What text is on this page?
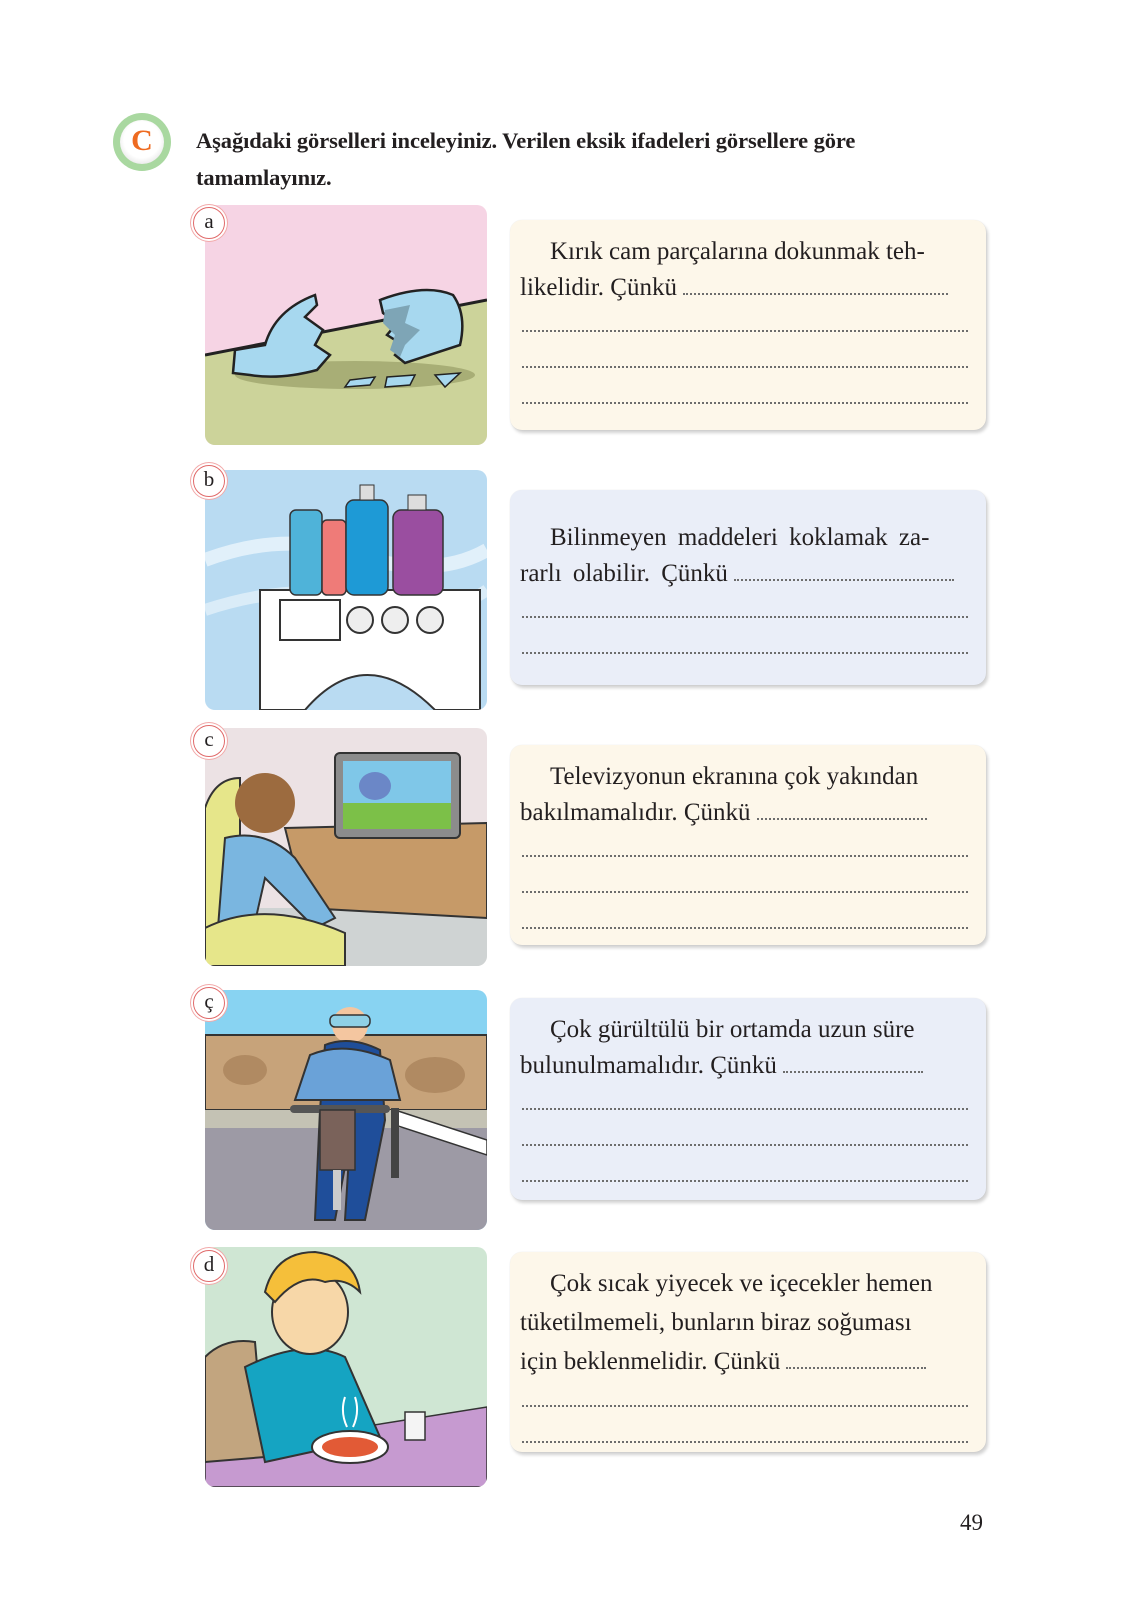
C Aşağıdaki görselleri inceleyiniz. Verilen eksik ifadeleri görsellere göre tamamlayınız.
a

Kırık cam parçalarına dokunmak teh-
likelidir. Çünkü

b

Bilinmeyen maddeleri koklamak za-
rarlı olabilir. Çünkü

c

Televizyonun ekranına çok yakından
bakılmamalıdır. Çünkü

ç

Çok gürültülü bir ortamda uzun süre
bulunulmamalıdır. Çünkü

d

Çok sıcak yiyecek ve içecekler hemen
tüketilmemeli, bunların biraz soğuması
için beklenmelidir. Çünkü

49
